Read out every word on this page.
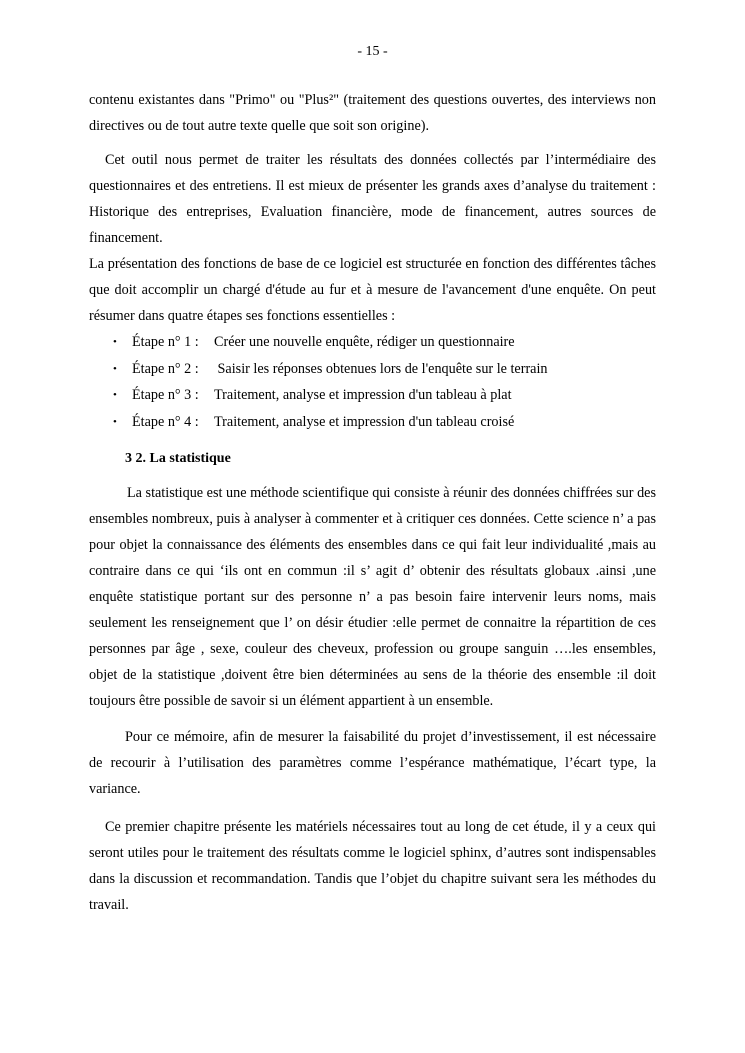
- 15 -

contenu existantes dans "Primo" ou "Plus²" (traitement des questions ouvertes, des interviews non directives ou de tout autre texte quelle que soit son origine).

Cet outil nous permet de traiter les résultats des données collectés par l’intermédiaire des questionnaires et des entretiens. Il est mieux de présenter les grands axes d’analyse du traitement : Historique des entreprises, Evaluation financière, mode de financement, autres sources de financement.

La présentation des fonctions de base de ce logiciel est structurée en fonction des différentes tâches que doit accomplir un chargé d'étude au fur et à mesure de l'avancement d'une enquête. On peut résumer dans quatre étapes ses fonctions essentielles :

• Étape n° 1 : Créer une nouvelle enquête, rédiger un questionnaire
• Étape n° 2 : Saisir les réponses obtenues lors de l'enquête sur le terrain
• Étape n° 3 : Traitement, analyse et impression d'un tableau à plat
• Étape n° 4 : Traitement, analyse et impression d'un tableau croisé
3 2. La statistique

La statistique est une méthode scientifique qui consiste à réunir des données chiffrées sur des ensembles nombreux, puis à analyser à commenter et à critiquer ces données. Cette science n’ a pas pour objet la connaissance des éléments des ensembles dans ce qui fait leur individualité ,mais au contraire dans ce qui ‘ils ont en commun :il s’ agit d’ obtenir des résultats globaux .ainsi ,une enquête statistique portant sur des personne n’ a pas besoin faire intervenir leurs noms, mais seulement les renseignement que l’ on désir étudier :elle permet de connaitre la répartition de ces personnes par âge , sexe, couleur des cheveux, profession ou groupe sanguin ….les ensembles, objet de la statistique ,doivent être bien déterminées au sens de la théorie des ensemble :il doit toujours être possible de savoir si un élément appartient à un ensemble.

Pour ce mémoire, afin de mesurer la faisabilité du projet d’investissement, il est nécessaire de recourir à l’utilisation des paramètres comme l’espérance mathématique, l’écart type, la variance.

Ce premier chapitre présente les matériels nécessaires tout au long de cet étude, il y a ceux qui seront utiles pour le traitement des résultats comme le logiciel sphinx, d’autres sont indispensables dans la discussion et recommandation. Tandis que l’objet du chapitre suivant sera les méthodes du travail.
